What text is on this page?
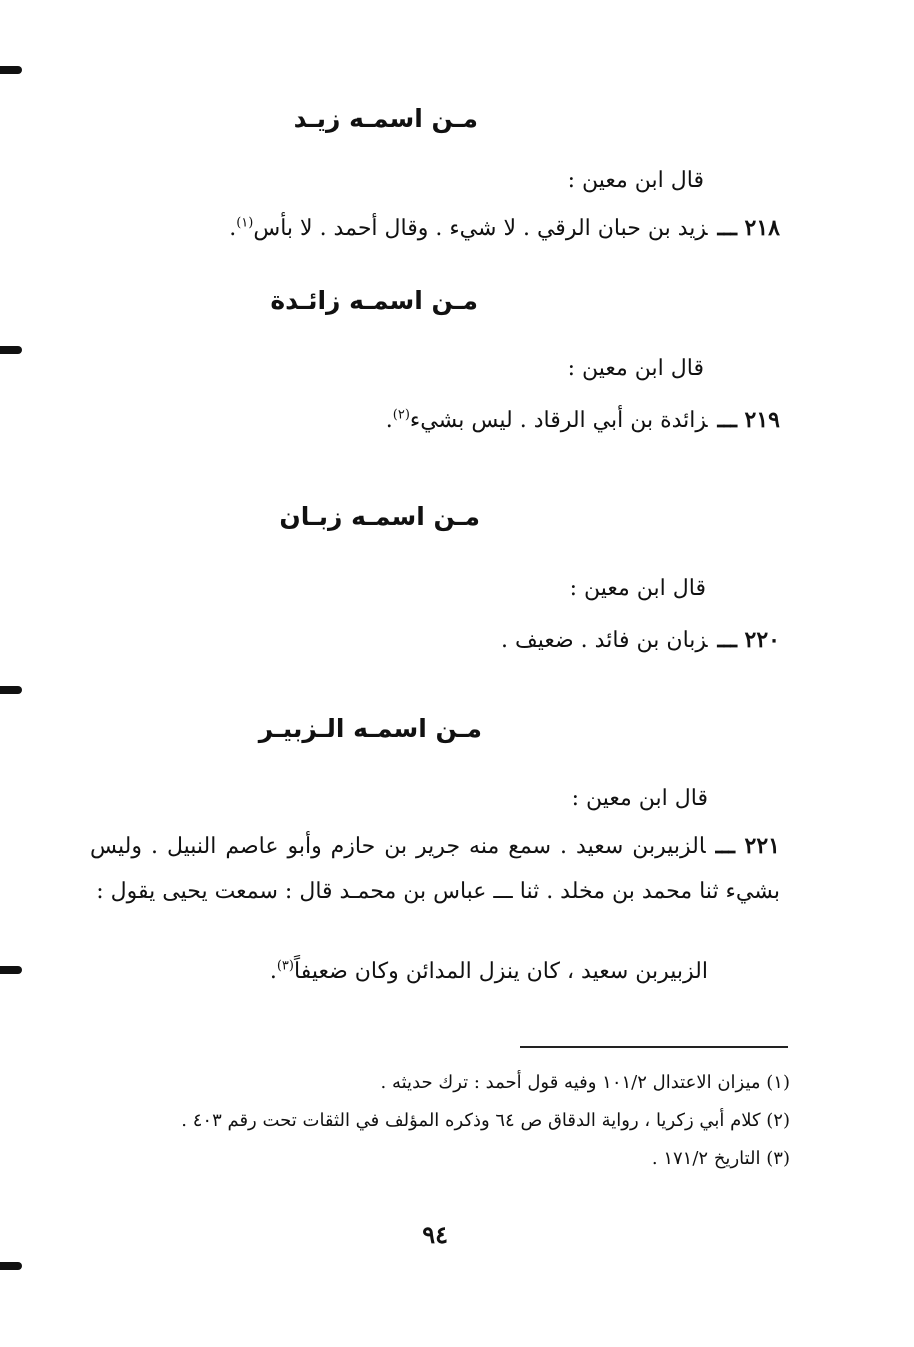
مـن اسمـه زيـد
قال ابن معين :
٢١٨ ـــزيد بن حبان الرقي . لا شيء . وقال أحمد . لا بأس$^{(١)}$.
مـن اسمـه زائـدة
قال ابن معين :
٢١٩ ـــزائدة بن أبي الرقاد . ليس بشيء$^{(٢)}$.
مـن اسمـه زبـان
قال ابن معين :
٢٢٠ ـــزبان بن فائد . ضعيف .
مـن اسمـه الـزبيـر
قال ابن معين :
٢٢١ ـــالزبيربن سعيد . سمع منه جرير بن حازم وأبو عاصم النبيل . وليس بشيء ثنا محمد بن مخلد . ثنا ـــ عباس بن محمـد قال : سمعت يحيى يقول :
الزبيربن سعيد ، كان ينزل المدائن وكان ضعيفاً$^{(٣)}$.
(١) ميزان الاعتدال ١٠١/٢ وفيه قول أحمد : ترك حديثه .
(٢) كلام أبي زكريا ، رواية الدقاق ص ٦٤ وذكره المؤلف في الثقات تحت رقم ٤٠٣ .
(٣) التاريخ ١٧١/٢ .
٩٤
